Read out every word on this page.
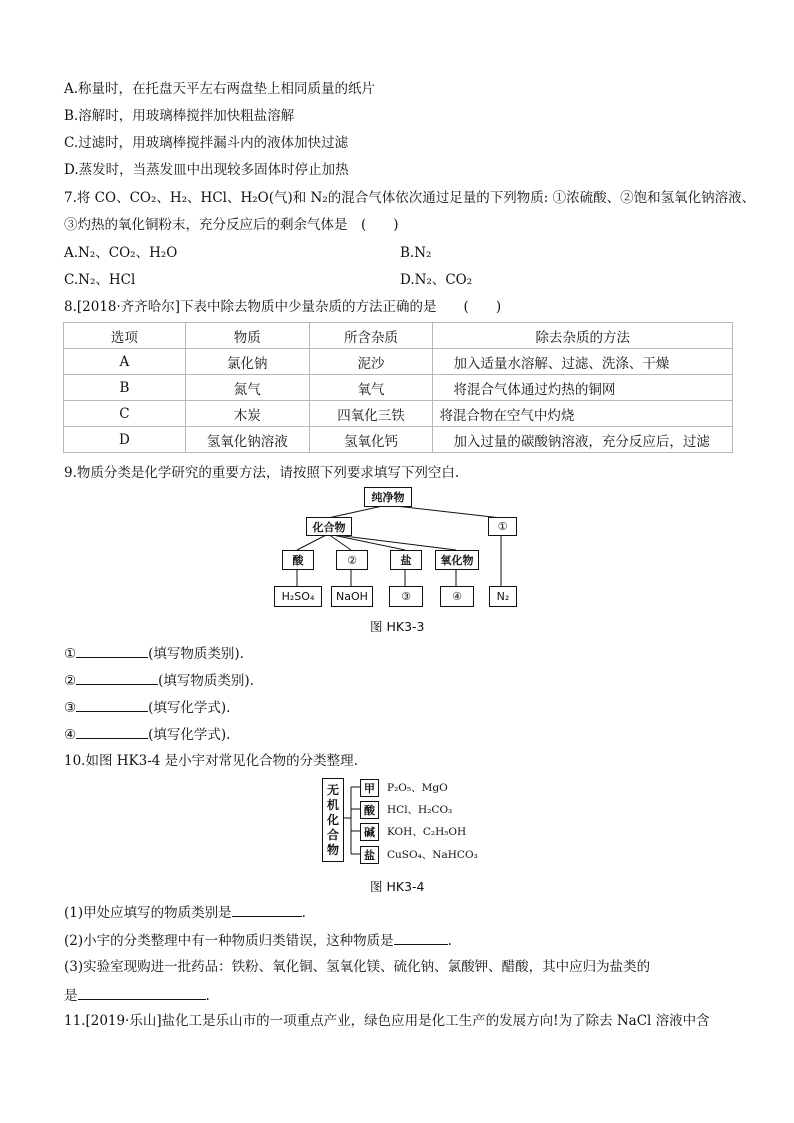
A.称量时，在托盘天平左右两盘垫上相同质量的纸片
B.溶解时，用玻璃棒搅拌加快粗盐溶解
C.过滤时，用玻璃棒搅拌漏斗内的液体加快过滤
D.蒸发时，当蒸发皿中出现较多固体时停止加热
7.将 CO、CO₂、H₂、HCl、H₂O(气)和 N₂的混合气体依次通过足量的下列物质: ①浓硫酸、②饱和氢氧化钠溶液、
③灼热的氧化铜粉末，充分反应后的剩余气体是　(　　)
A.N₂、CO₂、H₂O	B.N₂
C.N₂、HCl	D.N₂、CO₂
8.[2018·齐齐哈尔]下表中除去物质中少量杂质的方法正确的是　　(　　)
选项	物质	所含杂质	除去杂质的方法
A	氯化钠	泥沙	加入适量水溶解、过滤、洗涤、干燥
B	氮气	氧气	将混合气体通过灼热的铜网
C	木炭	四氧化三铁	将混合物在空气中灼烧
D	氢氧化钠溶液	氢氧化钙	加入过量的碳酸钠溶液，充分反应后，过滤
9.物质分类是化学研究的重要方法，请按照下列要求填写下列空白.
纯净物
化合物	①
酸	②	盐	氧化物
H₂SO₄	NaOH	③	④	N₂
图 HK3-3
①	(填写物质类别).
②	(填写物质类别).
③	(填写化学式).
④	(填写化学式).
10.如图 HK3-4 是小宇对常见化合物的分类整理.
无
机
化
合
物
甲	P₂O₅、MgO
酸	HCl、H₂CO₃
碱	KOH、C₂H₅OH
盐	CuSO₄、NaHCO₃
图 HK3-4
(1)甲处应填写的物质类别是	.
(2)小宇的分类整理中有一种物质归类错误，这种物质是	.
(3)实验室现购进一批药品：铁粉、氧化铜、氢氧化镁、硫化钠、氯酸钾、醋酸，其中应归为盐类的
是	.
11.[2019·乐山]盐化工是乐山市的一项重点产业，绿色应用是化工生产的发展方向!为了除去 NaCl 溶液中含
